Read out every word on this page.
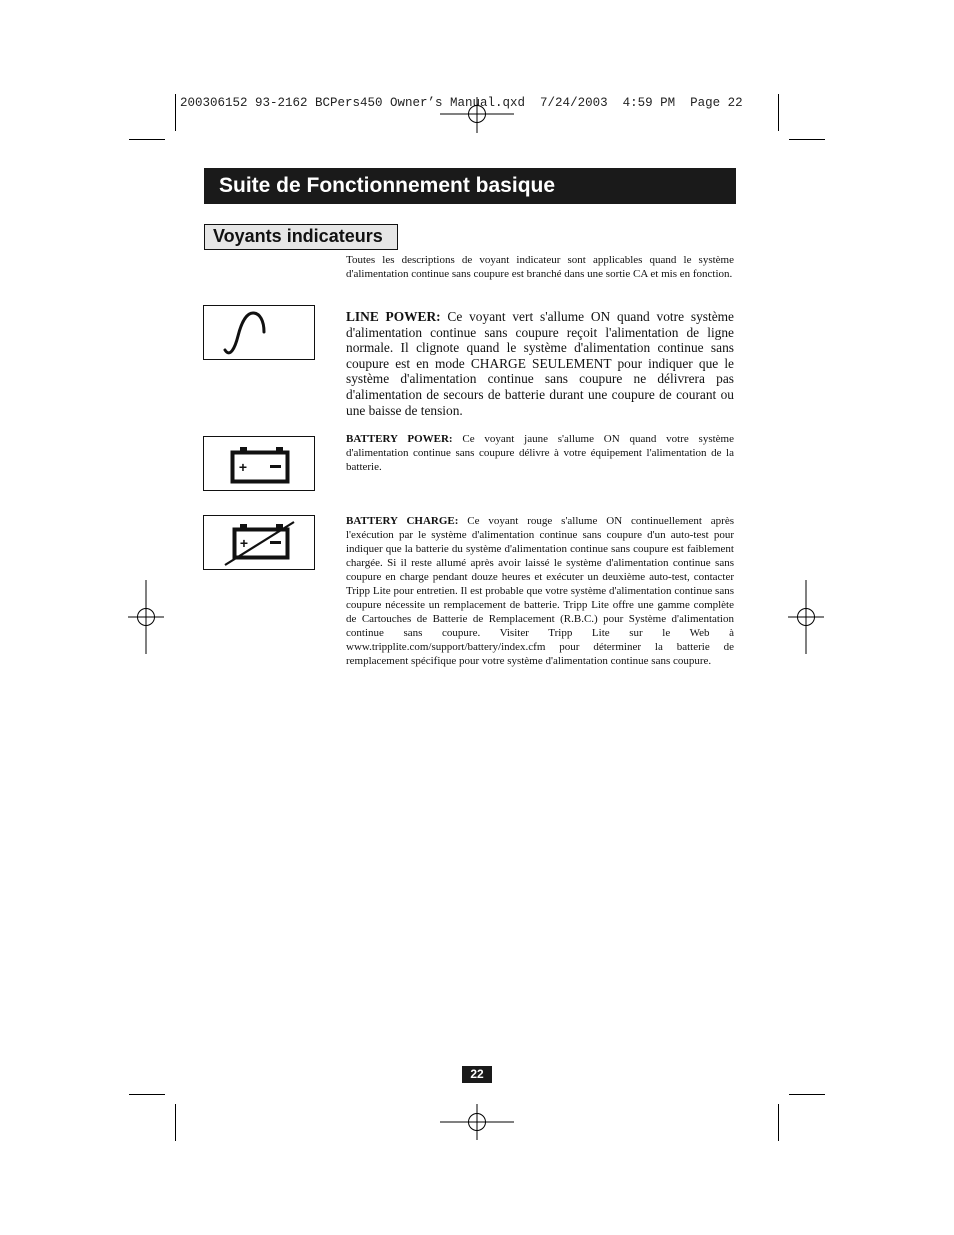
200306152 93-2162 BCPers450 Owner’s Manual.qxd  7/24/2003  4:59 PM  Page 22
Suite de Fonctionnement basique
Voyants indicateurs
Toutes les descriptions de voyant indicateur sont applicables quand le système d'alimentation continue sans coupure est branché dans une sortie CA et mis en fonction.
LINE POWER: Ce voyant vert s'allume ON quand votre système d'alimentation continue sans coupure reçoit l'alimentation de ligne normale. Il clignote quand le système d'alimentation continue sans coupure est en mode CHARGE SEULEMENT pour indiquer que le système d'alimentation continue sans coupure ne délivrera pas d'alimentation de secours de batterie durant une coupure de courant ou une baisse de tension.
+
BATTERY POWER: Ce voyant jaune s'allume ON quand votre système d'alimentation continue sans coupure délivre à votre équipement l'alimentation de la batterie.
+
BATTERY CHARGE: Ce voyant rouge s'allume ON continuellement après l'exécution par le système d'alimentation continue sans coupure d'un auto-test pour indiquer que la batterie du système d'alimentation continue sans coupure est faiblement chargée. Si il reste allumé après avoir laissé le système d'alimentation continue sans coupure en charge pendant douze heures et exécuter un deuxième auto-test, contacter Tripp Lite pour entretien. Il est probable que votre système d'alimentation continue sans coupure nécessite un remplacement de batterie. Tripp Lite offre une gamme complète de Cartouches de Batterie de Remplacement (R.B.C.) pour Système d'alimentation continue sans coupure. Visiter Tripp Lite sur le Web à www.tripplite.com/support/battery/index.cfm pour déterminer la batterie de remplacement spécifique pour votre système d'alimentation continue sans coupure.
22
